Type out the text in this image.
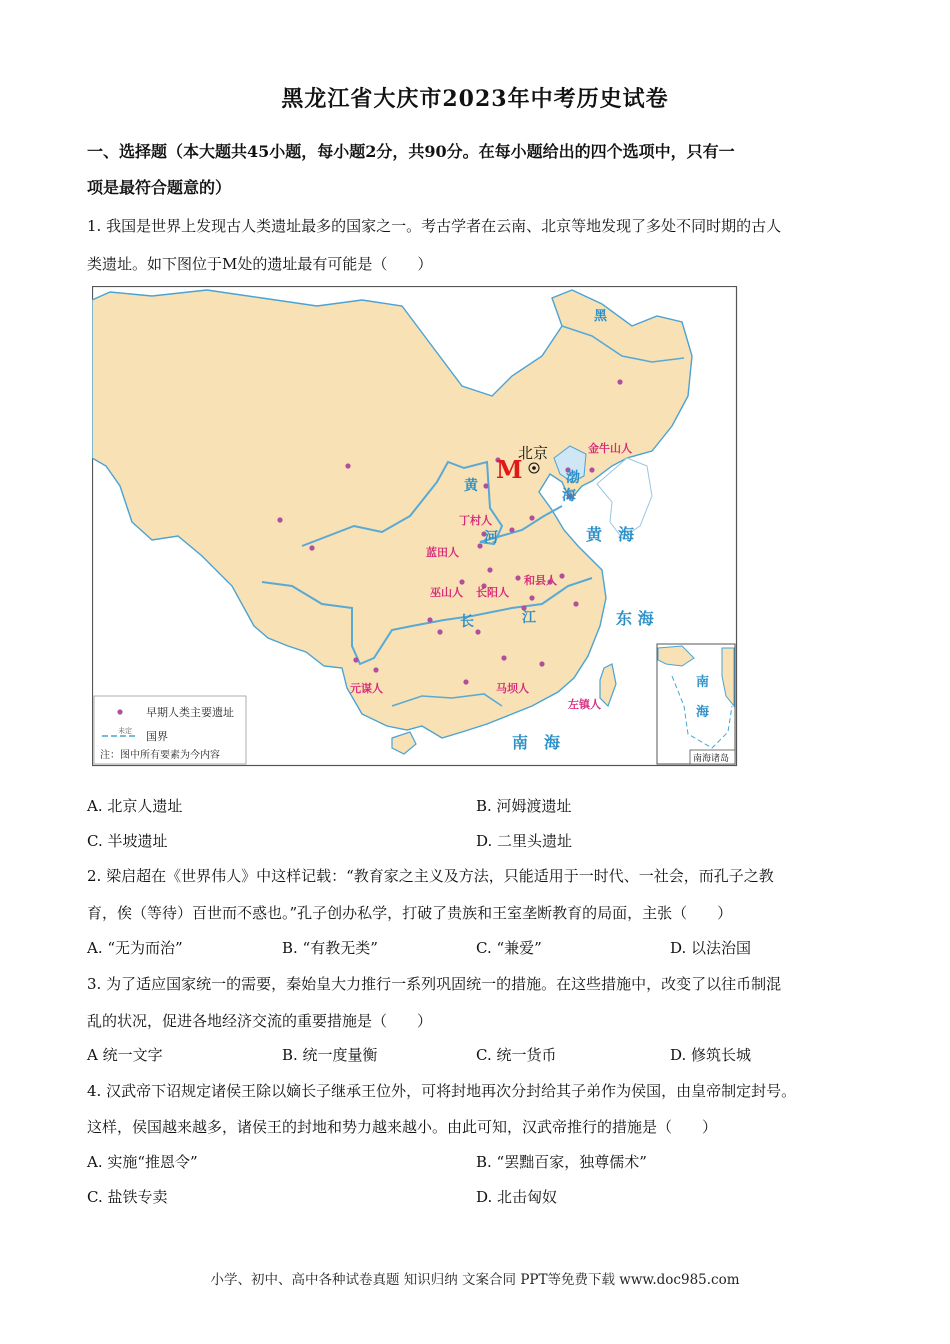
黑龙江省大庆市2023年中考历史试卷
一、选择题（本大题共45小题，每小题2分，共90分。在每小题给出的四个选项中，只有一
项是最符合题意的）
1. 我国是世界上发现古人类遗址最多的国家之一。考古学者在云南、北京等地发现了多处不同时期的古人
类遗址。如下图位于M处的遗址最有可能是（　　）
M
北京	金牛山人
丁村人
蓝田人
巫山人 长阳人
和县人
元谋人	马坝人
左镇人
黄
河
渤
海
黄　海
东 海
长	江
南　海
黑
南
海
南海诸岛
早期人类主要遗址
未定 国界
注：图中所有要素为今内容
A. 北京人遗址	B. 河姆渡遗址
C. 半坡遗址	D. 二里头遗址
2. 梁启超在《世界伟人》中这样记载：“教育家之主义及方法，只能适用于一时代、一社会，而孔子之教
育，俟（等待）百世而不惑也。”孔子创办私学，打破了贵族和王室垄断教育的局面，主张（　　）
A. “无为而治”	B. “有教无类”	C. “兼爱”	D. 以法治国
3. 为了适应国家统一的需要，秦始皇大力推行一系列巩固统一的措施。在这些措施中，改变了以往币制混
乱的状况，促进各地经济交流的重要措施是（　　）
A 统一文字	B. 统一度量衡	C. 统一货币	D. 修筑长城
4. 汉武帝下诏规定诸侯王除以嫡长子继承王位外，可将封地再次分封给其子弟作为侯国，由皇帝制定封号。
这样，侯国越来越多，诸侯王的封地和势力越来越小。由此可知，汉武帝推行的措施是（　　）
A. 实施“推恩令”	B. “罢黜百家，独尊儒术”
C. 盐铁专卖	D. 北击匈奴
小学、初中、高中各种试卷真题 知识归纳 文案合同 PPT等免费下载 www.doc985.com
